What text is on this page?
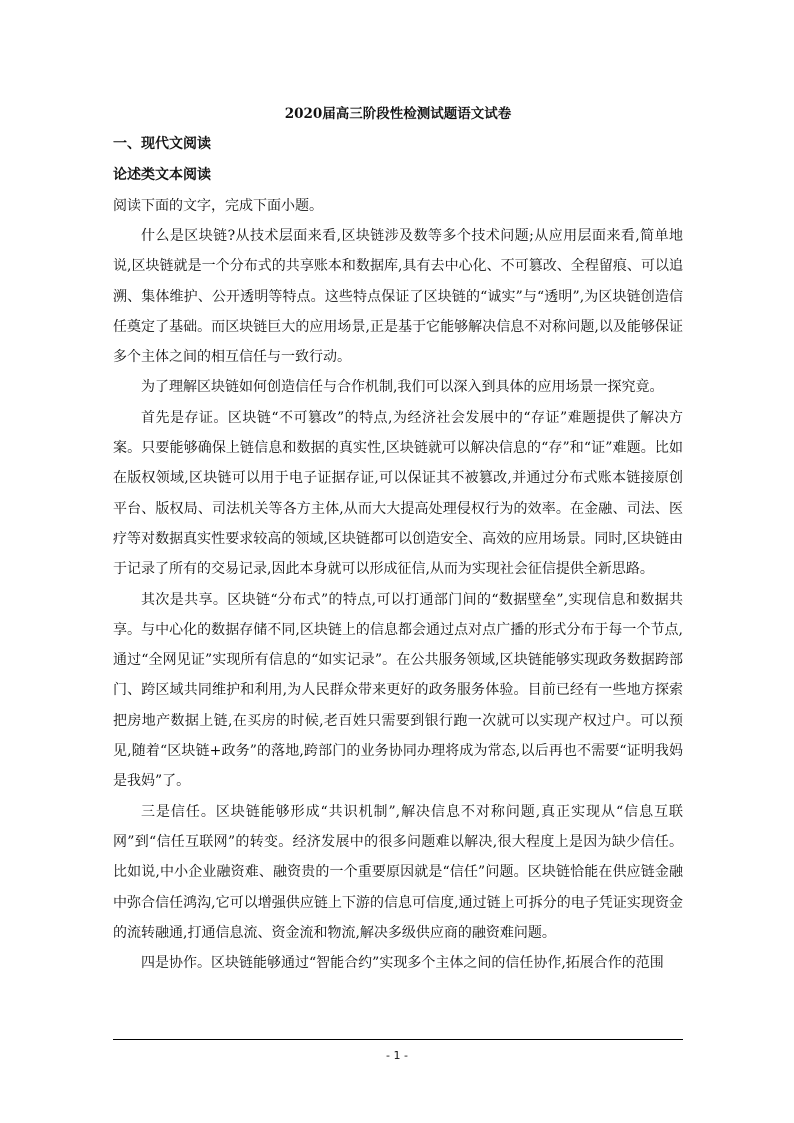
2020届高三阶段性检测试题语文试卷
一、现代文阅读
论述类文本阅读

阅读下面的文字，完成下面小题。

什么是区块链?从技术层面来看,区块链涉及数等多个技术问题;从应用层面来看,简单地说,区块链就是一个分布式的共享账本和数据库,具有去中心化、不可篡改、全程留痕、可以追溯、集体维护、公开透明等特点。这些特点保证了区块链的“诚实”与“透明”,为区块链创造信任奠定了基础。而区块链巨大的应用场景,正是基于它能够解决信息不对称问题,以及能够保证多个主体之间的相互信任与一致行动。

为了理解区块链如何创造信任与合作机制,我们可以深入到具体的应用场景一探究竟。

首先是存证。区块链“不可篡改”的特点,为经济社会发展中的“存证”难题提供了解决方案。只要能够确保上链信息和数据的真实性,区块链就可以解决信息的“存”和“证”难题。比如在版权领域,区块链可以用于电子证据存证,可以保证其不被篡改,并通过分布式账本链接原创平台、版权局、司法机关等各方主体,从而大大提高处理侵权行为的效率。在金融、司法、医疗等对数据真实性要求较高的领域,区块链都可以创造安全、高效的应用场景。同时,区块链由于记录了所有的交易记录,因此本身就可以形成征信,从而为实现社会征信提供全新思路。

其次是共享。区块链“分布式”的特点,可以打通部门间的“数据壁垒”,实现信息和数据共享。与中心化的数据存储不同,区块链上的信息都会通过点对点广播的形式分布于每一个节点,通过“全网见证”实现所有信息的“如实记录”。在公共服务领域,区块链能够实现政务数据跨部门、跨区域共同维护和利用,为人民群众带来更好的政务服务体验。目前已经有一些地方探索把房地产数据上链,在买房的时候,老百姓只需要到银行跑一次就可以实现产权过户。可以预见,随着“区块链+政务”的落地,跨部门的业务协同办理将成为常态,以后再也不需要“证明我妈是我妈”了。

三是信任。区块链能够形成“共识机制”,解决信息不对称问题,真正实现从“信息互联网”到“信任互联网”的转变。经济发展中的很多问题难以解决,很大程度上是因为缺少信任。比如说,中小企业融资难、融资贵的一个重要原因就是“信任”问题。区块链恰能在供应链金融中弥合信任鸿沟,它可以增强供应链上下游的信息可信度,通过链上可拆分的电子凭证实现资金的流转融通,打通信息流、资金流和物流,解决多级供应商的融资难问题。

四是协作。区块链能够通过“智能合约”实现多个主体之间的信任协作,拓展合作的范围

- 1 -
